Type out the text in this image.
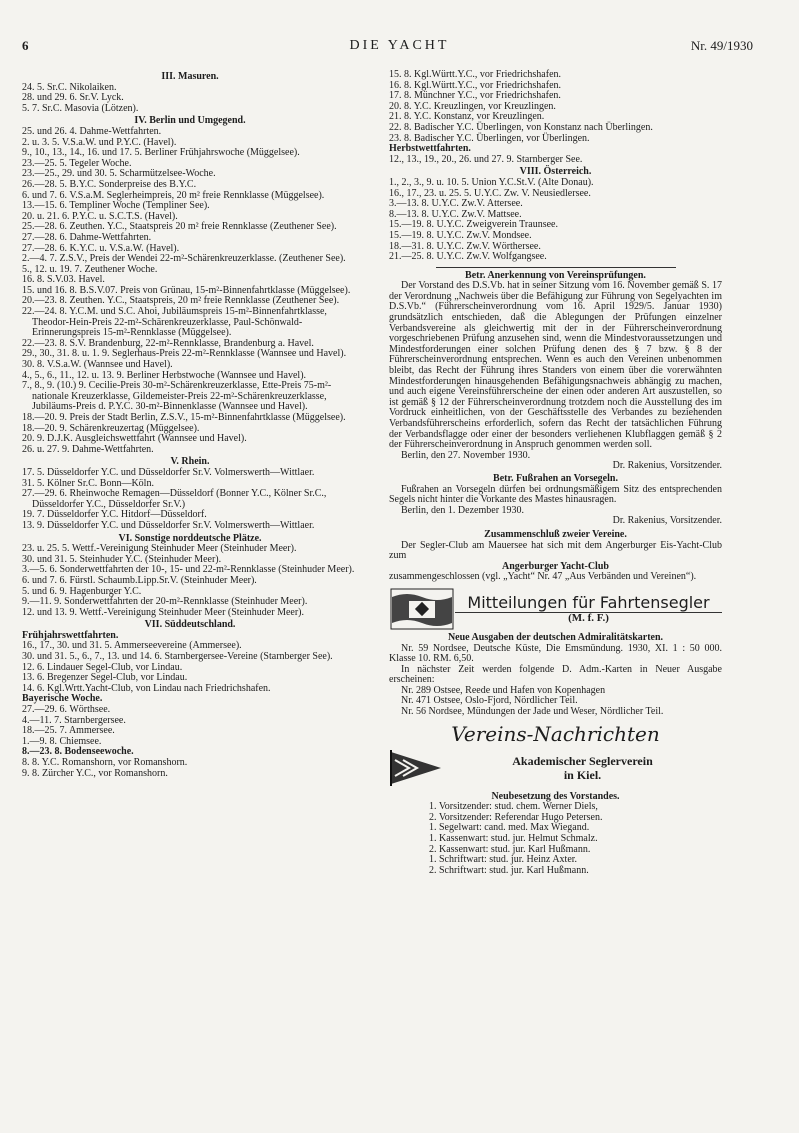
6	DIE YACHT	Nr. 49/1930

III. Masuren.

24. 5. Sr.C. Nikolaiken.

28. und 29. 6. Sr.V. Lyck.

5. 7. Sr.C. Masovia (Lötzen).

IV. Berlin und Umgegend.

25. und 26. 4. Dahme-Wettfahrten.

2. u. 3. 5. V.S.a.W. und P.Y.C. (Havel).

9., 10., 13., 14., 16. und 17. 5. Berliner Frühjahrswoche (Müggelsee).

23.—25. 5. Tegeler Woche.

23.—25., 29. und 30. 5. Scharmützelsee-Woche.

26.—28. 5. B.Y.C. Sonderpreise des B.Y.C.

6. und 7. 6. V.S.a.M. Seglerheimpreis, 20 m² freie Rennklasse (Müggelsee).

13.—15. 6. Templiner Woche (Templiner See).

20. u. 21. 6. P.Y.C. u. S.C.T.S. (Havel).

25.—28. 6. Zeuthen. Y.C., Staatspreis 20 m² freie Rennklasse (Zeuthener See).

27.—28. 6. Dahme-Wettfahrten.

27.—28. 6. K.Y.C. u. V.S.a.W. (Havel).

2.—4. 7. Z.S.V., Preis der Wendei 22-m²-Schärenkreuzerklasse. (Zeuthener See).

5., 12. u. 19. 7. Zeuthener Woche.

16. 8. S.V.03. Havel.

15. und 16. 8. B.S.V.07. Preis von Grünau, 15-m²-Binnenfahrtklasse (Müggelsee).

20.—23. 8. Zeuthen. Y.C., Staatspreis, 20 m² freie Rennklasse (Zeuthener See).

22.—24. 8. Y.C.M. und S.C. Ahoi, Jubiläumspreis 15-m²-Binnenfahrtklasse, Theodor-Hein-Preis 22-m²-Schärenkreuzerklasse, Paul-Schönwald-Erinnerungspreis 15-m²-Rennklasse (Müggelsee).

22.—23. 8. S.V. Brandenburg, 22-m²-Rennklasse, Brandenburg a. Havel.

29., 30., 31. 8. u. 1. 9. Seglerhaus-Preis 22-m²-Rennklasse (Wannsee und Havel).

30. 8. V.S.a.W. (Wannsee und Havel).

4., 5., 6., 11., 12. u. 13. 9. Berliner Herbstwoche (Wannsee und Havel).

7., 8., 9. (10.) 9. Cecilie-Preis 30-m²-Schärenkreuzerklasse, Ette-Preis 75-m²-nationale Kreuzerklasse, Gildemeister-Preis 22-m²-Schärenkreuzerklasse, Jubiläums-Preis d. P.Y.C. 30-m²-Binnenklasse (Wannsee und Havel).

18.—20. 9. Preis der Stadt Berlin, Z.S.V., 15-m²-Binnenfahrtklasse (Müggelsee).

18.—20. 9. Schärenkreuzertag (Müggelsee).

20. 9. D.J.K. Ausgleichswettfahrt (Wannsee und Havel).

26. u. 27. 9. Dahme-Wettfahrten.

V. Rhein.

17. 5. Düsseldorfer Y.C. und Düsseldorfer Sr.V. Volmerswerth—Wittlaer.

31. 5. Kölner Sr.C. Bonn—Köln.

27.—29. 6. Rheinwoche Remagen—Düsseldorf (Bonner Y.C., Kölner Sr.C., Düsseldorfer Y.C., Düsseldorfer Sr.V.)

19. 7. Düsseldorfer Y.C. Hitdorf—Düsseldorf.

13. 9. Düsseldorfer Y.C. und Düsseldorfer Sr.V. Volmerswerth—Wittlaer.

VI. Sonstige norddeutsche Plätze.

23. u. 25. 5. Wettf.-Vereinigung Steinhuder Meer (Steinhuder Meer).

30. und 31. 5. Steinhuder Y.C. (Steinhuder Meer).

3.—5. 6. Sonderwettfahrten der 10-, 15- und 22-m²-Rennklasse (Steinhuder Meer).

6. und 7. 6. Fürstl. Schaumb.Lipp.Sr.V. (Steinhuder Meer).

5. und 6. 9. Hagenburger Y.C.

9.—11. 9. Sonderwettfahrten der 20-m²-Rennklasse (Steinhuder Meer).

12. und 13. 9. Wettf.-Vereinigung Steinhuder Meer (Steinhuder Meer).

VII. Süddeutschland.

Frühjahrswettfahrten.

16., 17., 30. und 31. 5. Ammerseevereine (Ammersee).

30. und 31. 5., 6., 7., 13. und 14. 6. Starnbergersee-Vereine (Starnberger See).

12. 6. Lindauer Segel-Club, vor Lindau.

13. 6. Bregenzer Segel-Club, vor Lindau.

14. 6. Kgl.Wrtt.Yacht-Club, von Lindau nach Friedrichshafen.

Bayerische Woche.

27.—29. 6. Wörthsee.

4.—11. 7. Starnbergersee.

18.—25. 7. Ammersee.

1.—9. 8. Chiemsee.

8.—23. 8. Bodenseewoche.

8. 8. Y.C. Romanshorn, vor Romanshorn.

9. 8. Zürcher Y.C., vor Romanshorn.

15. 8. Kgl.Württ.Y.C., vor Friedrichshafen.

16. 8. Kgl.Württ.Y.C., vor Friedrichshafen.

17. 8. Münchner Y.C., vor Friedrichshafen.

20. 8. Y.C. Kreuzlingen, vor Kreuzlingen.

21. 8. Y.C. Konstanz, vor Kreuzlingen.

22. 8. Badischer Y.C. Überlingen, von Konstanz nach Überlingen.

23. 8. Badischer Y.C. Überlingen, vor Überlingen.

Herbstwettfahrten.

12., 13., 19., 20., 26. und 27. 9. Starnberger See.

VIII. Österreich.

1., 2., 3., 9. u. 10. 5. Union Y.C.St.V. (Alte Donau).

16., 17., 23. u. 25. 5. U.Y.C. Zw. V. Neusiedlersee.

3.—13. 8. U.Y.C. Zw.V. Attersee.

8.—13. 8. U.Y.C. Zw.V. Mattsee.

15.—19. 8. U.Y.C. Zweigverein Traunsee.

15.—19. 8. U.Y.C. Zw.V. Mondsee.

18.—31. 8. U.Y.C. Zw.V. Wörthersee.

21.—25. 8. U.Y.C. Zw.V. Wolfgangsee.

Betr. Anerkennung von Vereinsprüfungen.

Der Vorstand des D.S.Vb. hat in seiner Sitzung vom 16. November gemäß S. 17 der Verordnung „Nachweis über die Befähigung zur Führung von Segelyachten im D.S.Vb.“ (Führerscheinverordnung vom 16. April 1929/5. Januar 1930) grundsätzlich entschieden, daß die Ablegungen der Prüfungen einzelner Verbandsvereine als gleichwertig mit der in der Führerscheinverordnung vorgeschriebenen Prüfung anzusehen sind, wenn die Mindestvoraussetzungen und Mindestforderungen einer solchen Prüfung denen des § 7 bzw. § 8 der Führerscheinverordnung entsprechen. Wenn es auch den Vereinen unbenommen bleibt, das Recht der Führung ihres Standers von einem über die vorerwähnten Mindestforderungen hinausgehenden Befähigungsnachweis abhängig zu machen, und auch eigene Vereinsführerscheine der einen oder anderen Art auszustellen, so ist gemäß § 12 der Führerscheinverordnung trotzdem noch die Ausstellung des im Vordruck einheitlichen, von der Geschäftsstelle des Verbandes zu beziehenden Verbandsführerscheins erforderlich, sofern das Recht der tatsächlichen Führung der Verbandsflagge oder einer der besonders verliehenen Klubflaggen gemäß § 2 der Führerscheinverordnung in Anspruch genommen werden soll.

Berlin, den 27. November 1930.

Dr. Rakenius, Vorsitzender.

Betr. Fußrahen an Vorsegeln.

Fußrahen an Vorsegeln dürfen bei ordnungsmäßigem Sitz des entsprechenden Segels nicht hinter die Vorkante des Mastes hinausragen.

Berlin, den 1. Dezember 1930.

Dr. Rakenius, Vorsitzender.

Zusammenschluß zweier Vereine.

Der Segler-Club am Mauersee hat sich mit dem Angerburger Eis-Yacht-Club zum

Angerburger Yacht-Club

zusammengeschlossen (vgl. „Yacht“ Nr. 47 „Aus Verbänden und Vereinen“).

Mitteilungen für Fahrtensegler
(M. f. F.)

Neue Ausgaben der deutschen Admiralitätskarten.

Nr. 59 Nordsee, Deutsche Küste, Die Emsmündung. 1930, XI. 1 : 50 000. Klasse 10. RM. 6,50.

In nächster Zeit werden folgende D. Adm.-Karten in Neuer Ausgabe erscheinen:

Nr. 289 Ostsee, Reede und Hafen von Kopenhagen

Nr. 471 Ostsee, Oslo-Fjord, Nördlicher Teil.

Nr. 56 Nordsee, Mündungen der Jade und Weser, Nördlicher Teil.

Vereins-Nachrichten
Akademischer Seglerverein
in Kiel.

Neubesetzung des Vorstandes.

1. Vorsitzender: stud. chem. Werner Diels,

2. Vorsitzender: Referendar Hugo Petersen.

1. Segelwart: cand. med. Max Wiegand.

1. Kassenwart: stud. jur. Helmut Schmalz.

2. Kassenwart: stud. jur. Karl Hußmann.

1. Schriftwart: stud. jur. Heinz Axter.

2. Schriftwart: stud. jur. Karl Hußmann.
